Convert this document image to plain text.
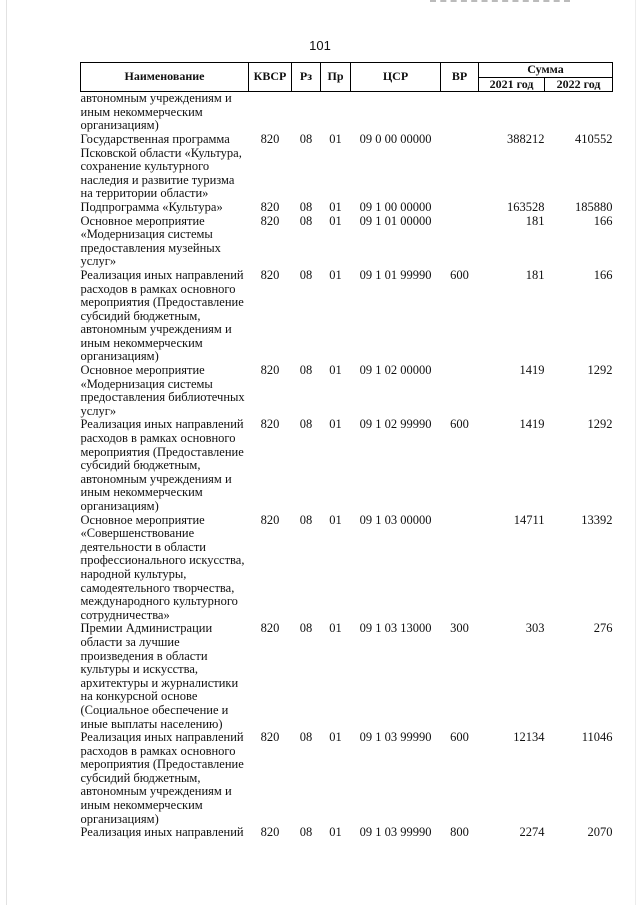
101
Наименование	КВСР	Рз	Пр	ЦСР	ВР	Сумма	
						2021 год	2022 год
автономным учреждениям и иным некоммерческим организациям)							
Государственная программа Псковской области «Культура, сохранение культурного наследия и развитие туризма на территории области»	820	08	01	09 0 00 00000		388212	410552
Подпрограмма «Культура»	820	08	01	09 1 00 00000		163528	185880
Основное мероприятие «Модернизация системы предоставления музейных услуг»	820	08	01	09 1 01 00000		181	166
Реализация иных направлений расходов в рамках основного мероприятия (Предоставление субсидий бюджетным, автономным учреждениям и иным некоммерческим организациям)	820	08	01	09 1 01 99990	600	181	166
Основное мероприятие «Модернизация системы предоставления библиотечных услуг»	820	08	01	09 1 02 00000		1419	1292
Реализация иных направлений расходов в рамках основного мероприятия (Предоставление субсидий бюджетным, автономным учреждениям и иным некоммерческим организациям)	820	08	01	09 1 02 99990	600	1419	1292
Основное мероприятие «Совершенствование деятельности в области профессионального искусства, народной культуры, самодеятельного творчества, международного культурного сотрудничества»	820	08	01	09 1 03 00000		14711	13392
Премии Администрации области за лучшие произведения в области культуры и искусства, архитектуры и журналистики на конкурсной основе (Социальное обеспечение и иные выплаты населению)	820	08	01	09 1 03 13000	300	303	276
Реализация иных направлений расходов в рамках основного мероприятия (Предоставление субсидий бюджетным, автономным учреждениям и иным некоммерческим организациям)	820	08	01	09 1 03 99990	600	12134	11046
Реализация иных направлений	820	08	01	09 1 03 99990	800	2274	2070
